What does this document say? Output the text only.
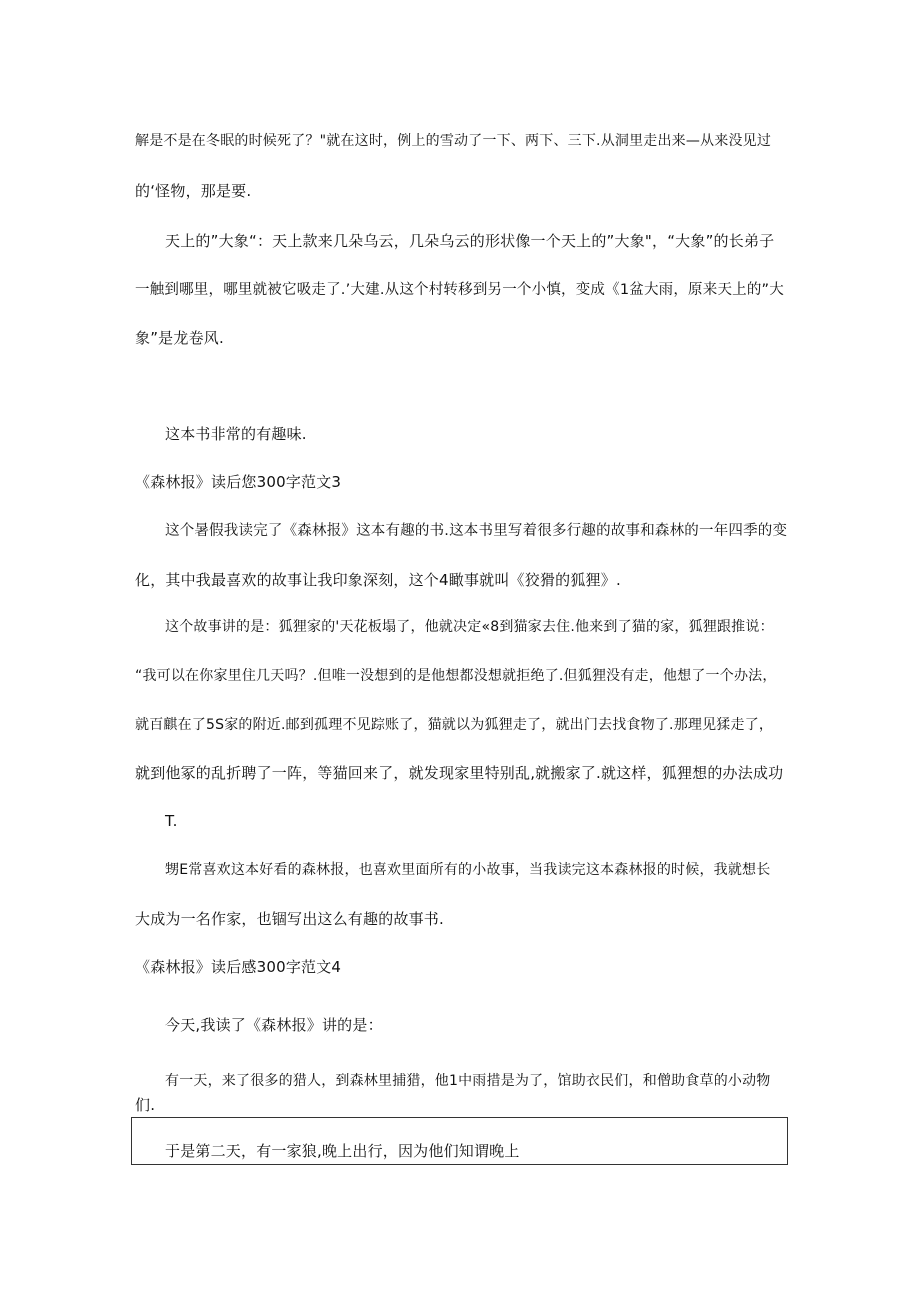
解是不是在冬眠的时候死了？"就在这时，例上的雪动了一下、两下、三下.从洞里走出来—从来没见过
的‘怪物，那是要.
天上的”大象“：天上款来几朵乌云，几朵乌云的形状像一个天上的”大象"，“大象”的长弟子
一触到哪里，哪里就被它吸走了.’大建.从这个村转移到另一个小慎，变成《1盆大雨，原来天上的”大
象”是龙卷风.
这本书非常的有趣味.
《森林报》读后您300字范文3
这个暑假我读完了《森林报》这本有趣的书.这本书里写着很多行趣的故事和森林的一年四季的变
化，其中我最喜欢的故事让我印象深刻，这个4瞰事就叫《狡猾的狐狸》.
这个故事讲的是：狐狸家的'天花板塌了，他就决定«8到猫家去住.他来到了猫的家，狐狸跟推说：
“我可以在你家里住几天吗？.但唯一没想到的是他想都没想就拒绝了.但狐狸没有走，他想了一个办法，
就百麒在了5S家的附近.邮到孤理不见踪账了，猫就以为狐狸走了，就出门去找食物了.那理见猱走了，
就到他冢的乱折聘了一阵，等猫回来了，就发现家里特别乱,就搬家了.就这样，狐狸想的办法成功
T.
甥E常喜欢这本好看的森林报，也喜欢里面所有的小故事，当我读完这本森林报的时候，我就想长
大成为一名作家，也锢写出这么有趣的故事书.
《森林报》读后感300字范文4
今天,我读了《森林报》讲的是：
有一天，来了很多的猎人，到森林里捕猎，他1中雨措是为了，馆助衣民们，和僧助食草的小动物
们.
于是第二天，有一家狼,晚上出行，因为他们知谓晚上
